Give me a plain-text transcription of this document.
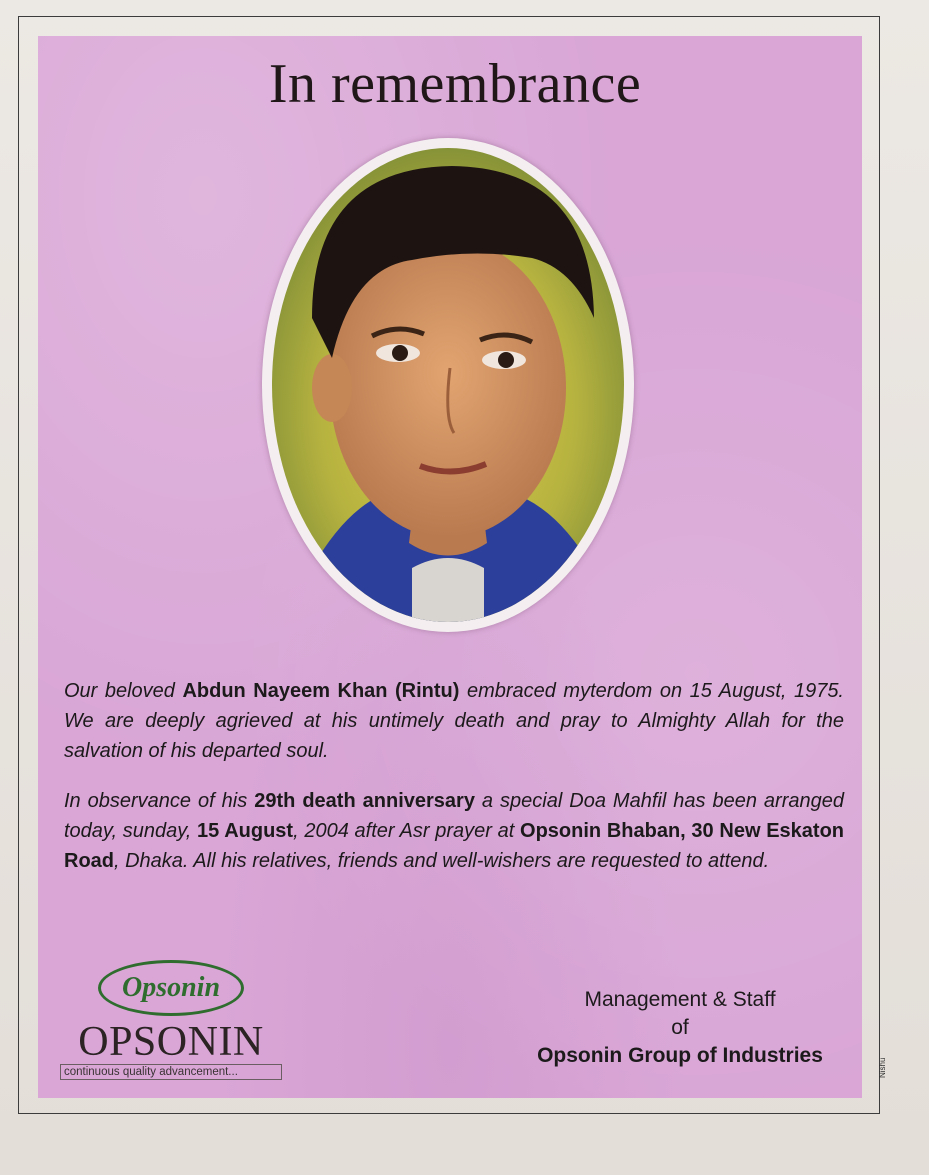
In remembrance

Our beloved Abdun Nayeem Khan (Rintu) embraced myterdom on 15 August, 1975. We are deeply agrieved at his untimely death and pray to Almighty Allah for the salvation of his departed soul.

In observance of his 29th death anniversary a special Doa Mahfil has been arranged today, sunday, 15 August, 2004 after Asr prayer at Opsonin Bhaban, 30 New Eskaton Road, Dhaka. All his relatives, friends and well-wishers are requested to attend.

Opsonin
OPSONIN
continuous quality advancement...
Management & Staff
of
Opsonin Group of Industries
Nishu
